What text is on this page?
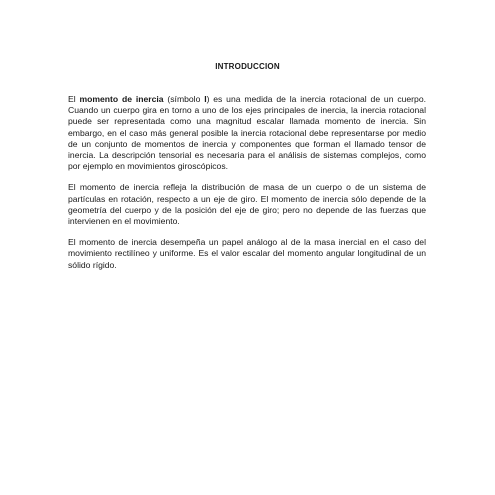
INTRODUCCION

El momento de inercia (símbolo I) es una medida de la inercia rotacional de un cuerpo. Cuando un cuerpo gira en torno a uno de los ejes principales de inercia, la inercia rotacional puede ser representada como una magnitud escalar llamada momento de inercia. Sin embargo, en el caso más general posible la inercia rotacional debe representarse por medio de un conjunto de momentos de inercia y componentes que forman el llamado tensor de inercia. La descripción tensorial es necesaria para el análisis de sistemas complejos, como por ejemplo en movimientos giroscópicos.

El momento de inercia refleja la distribución de masa de un cuerpo o de un sistema de partículas en rotación, respecto a un eje de giro. El momento de inercia sólo depende de la geometría del cuerpo y de la posición del eje de giro; pero no depende de las fuerzas que intervienen en el movimiento.

El momento de inercia desempeña un papel análogo al de la masa inercial en el caso del movimiento rectilíneo y uniforme. Es el valor escalar del momento angular longitudinal de un sólido rígido.
